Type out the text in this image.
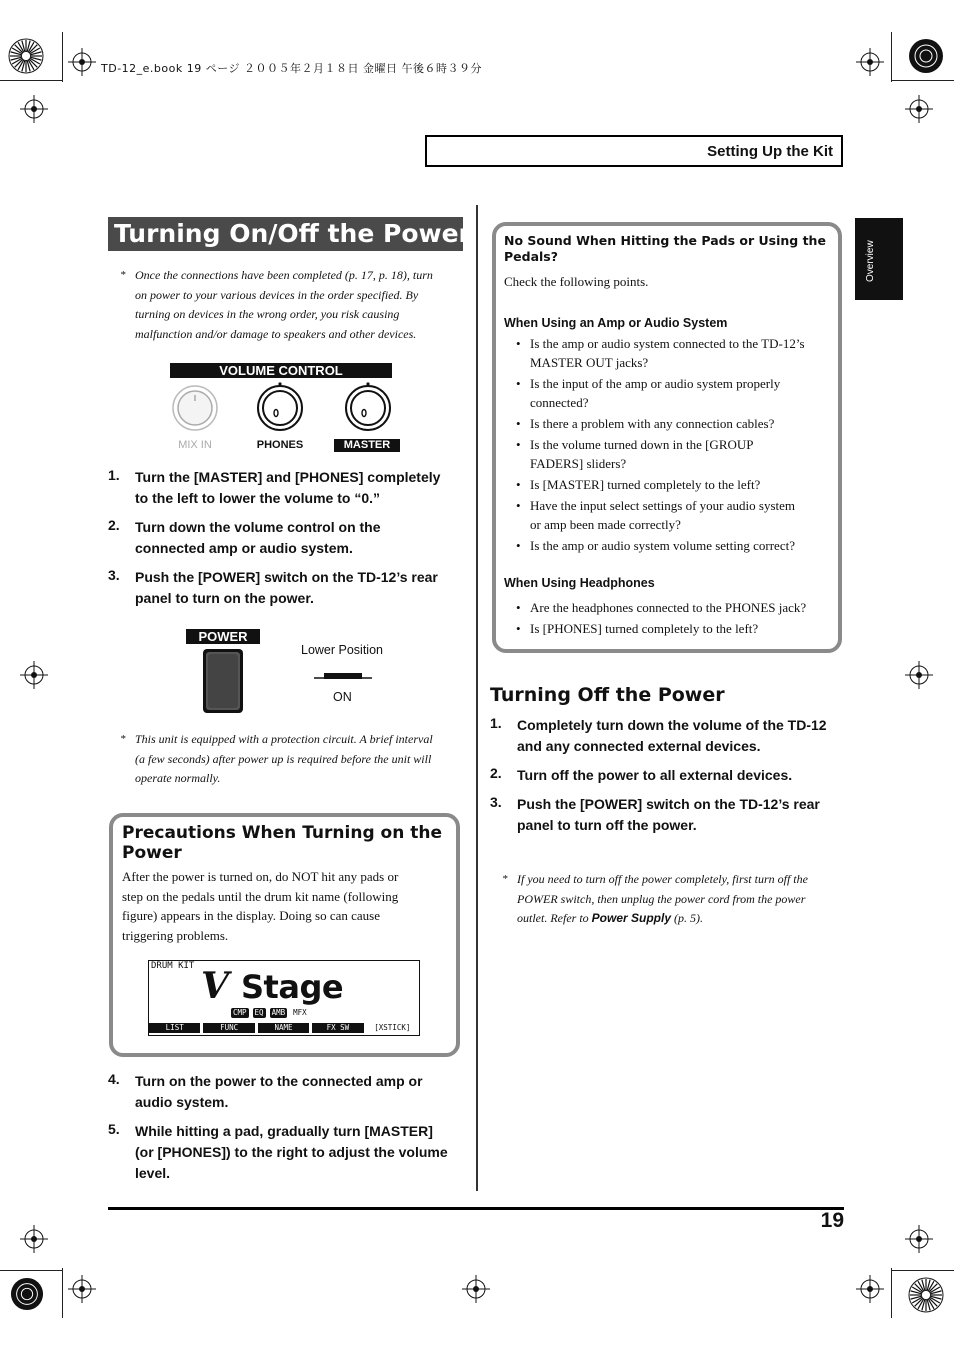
TD-12_e.book 19 ページ ２００５年２月１８日 金曜日 午後６時３９分
Setting Up the Kit
Overview
Turning On/Off the Power
* Once the connections have been completed (p. 17, p. 18), turn
on power to your various devices in the order specified. By
turning on devices in the wrong order, you risk causing
malfunction and/or damage to speakers and other devices.
VOLUME CONTROL
MIX IN	PHONES	MASTER
1. Turn the [MASTER] and [PHONES] completely
to the left to lower the volume to “0.”
2. Turn down the volume control on the
connected amp or audio system.
3. Push the [POWER] switch on the TD-12’s rear
panel to turn on the power.
POWER
Lower Position
ON
* This unit is equipped with a protection circuit. A brief interval
(a few seconds) after power up is required before the unit will
operate normally.
Precautions When Turning on the
Power
After the power is turned on, do NOT hit any pads or
step on the pedals until the drum kit name (following
figure) appears in the display. Doing so can cause
triggering problems.
DRUM KIT V Stage
CMP EQ AMB MFX
LIST	FUNC	NAME	FX SW	[XSTICK]
4. Turn on the power to the connected amp or
audio system.
5. While hitting a pad, gradually turn [MASTER]
(or [PHONES]) to the right to adjust the volume
level.
No Sound When Hitting the Pads or Using the
Pedals?
Check the following points.
When Using an Amp or Audio System
• Is the amp or audio system connected to the TD-12’s
MASTER OUT jacks?
• Is the input of the amp or audio system properly
connected?
• Is there a problem with any connection cables?
• Is the volume turned down in the [GROUP
FADERS] sliders?
• Is [MASTER] turned completely to the left?
• Have the input select settings of your audio system
or amp been made correctly?
• Is the amp or audio system volume setting correct?
When Using Headphones
• Are the headphones connected to the PHONES jack?
• Is [PHONES] turned completely to the left?
Turning Off the Power
1. Completely turn down the volume of the TD-12
and any connected external devices.
2. Turn off the power to all external devices.
3. Push the [POWER] switch on the TD-12’s rear
panel to turn off the power.
* If you need to turn off the power completely, first turn off the
POWER switch, then unplug the power cord from the power
outlet. Refer to Power Supply (p. 5).
19
